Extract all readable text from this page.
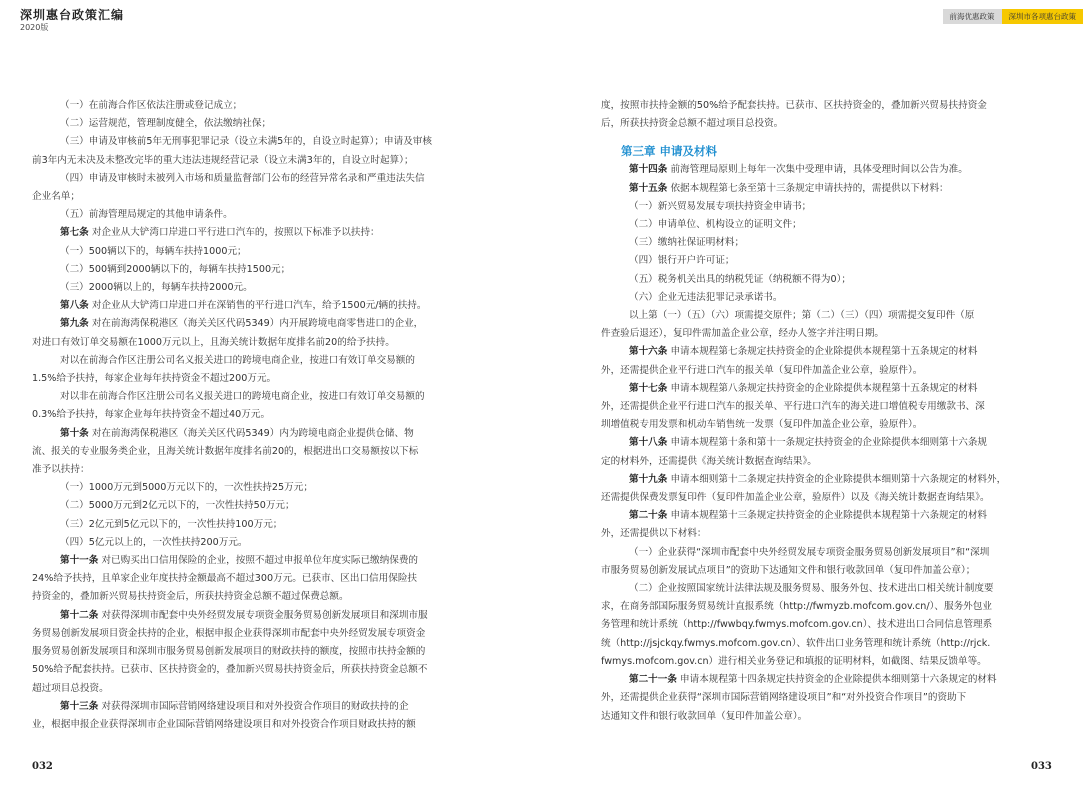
深圳惠台政策汇编
2020版
前海优惠政策	深圳市各项惠台政策

（一）在前海合作区依法注册或登记成立；

（二）运营规范，管理制度健全，依法缴纳社保；

（三）申请及审核前5年无刑事犯罪记录（设立未满5年的，自设立时起算）；申请及审核

前3年内无未决及未整改完毕的重大违法违规经营记录（设立未满3年的，自设立时起算）；

（四）申请及审核时未被列入市场和质量监督部门公布的经营异常名录和严重违法失信

企业名单；

（五）前海管理局规定的其他申请条件。

第七条 对企业从大铲湾口岸进口平行进口汽车的，按照以下标准予以扶持：

（一）500辆以下的，每辆车扶持1000元；

（二）500辆到2000辆以下的，每辆车扶持1500元；

（三）2000辆以上的，每辆车扶持2000元。

第八条 对企业从大铲湾口岸进口并在深销售的平行进口汽车，给予1500元/辆的扶持。

第九条 对在前海湾保税港区（海关关区代码5349）内开展跨境电商零售进口的企业，

对进口有效订单交易额在1000万元以上，且海关统计数据年度排名前20的给予扶持。

对以在前海合作区注册公司名义报关进口的跨境电商企业，按进口有效订单交易额的

1.5%给予扶持，每家企业每年扶持资金不超过200万元。

对以非在前海合作区注册公司名义报关进口的跨境电商企业，按进口有效订单交易额的

0.3%给予扶持，每家企业每年扶持资金不超过40万元。

第十条 对在前海湾保税港区（海关关区代码5349）内为跨境电商企业提供仓储、物

流、报关的专业服务类企业，且海关统计数据年度排名前20的，根据进出口交易额按以下标

准予以扶持：

（一）1000万元到5000万元以下的，一次性扶持25万元；

（二）5000万元到2亿元以下的，一次性扶持50万元；

（三）2亿元到5亿元以下的，一次性扶持100万元；

（四）5亿元以上的，一次性扶持200万元。

第十一条 对已购买出口信用保险的企业，按照不超过申报单位年度实际已缴纳保费的

24%给予扶持，且单家企业年度扶持金额最高不超过300万元。已获市、区出口信用保险扶

持资金的，叠加新兴贸易扶持资金后，所获扶持资金总额不超过保费总额。

第十二条 对获得深圳市配套中央外经贸发展专项资金服务贸易创新发展项目和深圳市服

务贸易创新发展项目资金扶持的企业，根据申报企业获得深圳市配套中央外经贸发展专项资金

服务贸易创新发展项目和深圳市服务贸易创新发展项目的财政扶持的额度，按照市扶持金额的

50%给予配套扶持。已获市、区扶持资金的，叠加新兴贸易扶持资金后，所获扶持资金总额不

超过项目总投资。

第十三条 对获得深圳市国际营销网络建设项目和对外投资合作项目的财政扶持的企

业，根据申报企业获得深圳市企业国际营销网络建设项目和对外投资合作项目财政扶持的额

度，按照市扶持金额的50%给予配套扶持。已获市、区扶持资金的，叠加新兴贸易扶持资金

后，所获扶持资金总额不超过项目总投资。

第三章 申请及材料

第十四条 前海管理局原则上每年一次集中受理申请，具体受理时间以公告为准。

第十五条 依据本规程第七条至第十三条规定申请扶持的，需提供以下材料：

（一）新兴贸易发展专项扶持资金申请书；

（二）申请单位、机构设立的证明文件；

（三）缴纳社保证明材料；

（四）银行开户许可证；

（五）税务机关出具的纳税凭证（纳税额不得为0）；

（六）企业无违法犯罪记录承诺书。

以上第（一）（五）（六）项需提交原件；第（二）（三）（四）项需提交复印件（原

件查验后退还），复印件需加盖企业公章，经办人签字并注明日期。

第十六条 申请本规程第七条规定扶持资金的企业除提供本规程第十五条规定的材料

外，还需提供企业平行进口汽车的报关单（复印件加盖企业公章，验原件）。

第十七条 申请本规程第八条规定扶持资金的企业除提供本规程第十五条规定的材料

外，还需提供企业平行进口汽车的报关单、平行进口汽车的海关进口增值税专用缴款书、深

圳增值税专用发票和机动车销售统一发票（复印件加盖企业公章，验原件）。

第十八条 申请本规程第十条和第十一条规定扶持资金的企业除提供本细则第十六条规

定的材料外，还需提供《海关统计数据查询结果》。

第十九条 申请本细则第十二条规定扶持资金的企业除提供本细则第十六条规定的材料外，

还需提供保费发票复印件（复印件加盖企业公章，验原件）以及《海关统计数据查询结果》。

第二十条 申请本规程第十三条规定扶持资金的企业除提供本规程第十六条规定的材料

外，还需提供以下材料：

（一）企业获得“深圳市配套中央外经贸发展专项资金服务贸易创新发展项目”和“深圳

市服务贸易创新发展试点项目”的资助下达通知文件和银行收款回单（复印件加盖公章）；

（二）企业按照国家统计法律法规及服务贸易、服务外包、技术进出口相关统计制度要

求，在商务部国际服务贸易统计直报系统（http://fwmyzb.mofcom.gov.cn/）、服务外包业

务管理和统计系统（http://fwwbqy.fwmys.mofcom.gov.cn）、技术进出口合同信息管理系

统（http://jsjckqy.fwmys.mofcom.gov.cn）、软件出口业务管理和统计系统（http://rjck.

fwmys.mofcom.gov.cn）进行相关业务登记和填报的证明材料，如截图、结果反馈单等。

第二十一条 申请本规程第十四条规定扶持资金的企业除提供本细则第十六条规定的材料

外，还需提供企业获得“深圳市国际营销网络建设项目”和“对外投资合作项目”的资助下

达通知文件和银行收款回单（复印件加盖公章）。

032	033
